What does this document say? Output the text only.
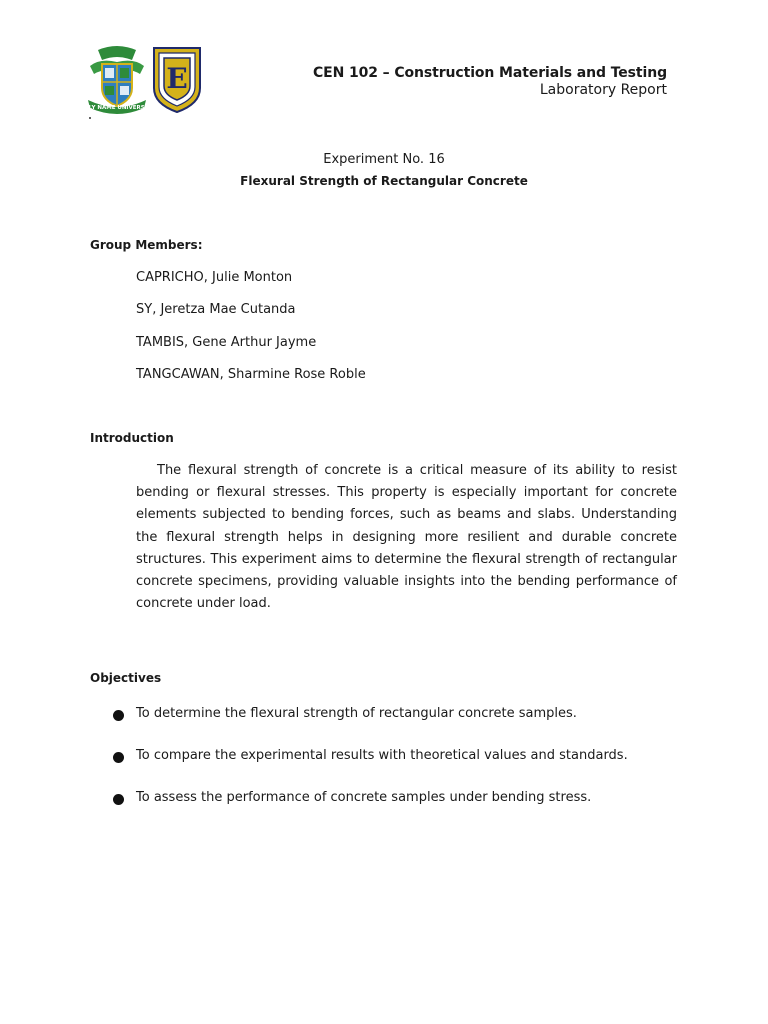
HOLY NAME UNIVERSITY
E	CEN 102 – Construction Materials and Testing
Laboratory Report
Experiment No. 16
Flexural Strength of Rectangular Concrete
Group Members:
CAPRICHO, Julie Monton
SY, Jeretza Mae Cutanda
TAMBIS, Gene Arthur Jayme
TANGCAWAN, Sharmine Rose Roble
Introduction

The flexural strength of concrete is a critical measure of its ability to resist bending or flexural stresses. This property is especially important for concrete elements subjected to bending forces, such as beams and slabs. Understanding the flexural strength helps in designing more resilient and durable concrete structures. This experiment aims to determine the flexural strength of rectangular concrete specimens, providing valuable insights into the bending performance of concrete under load.

Objectives
To determine the flexural strength of rectangular concrete samples.
To compare the experimental results with theoretical values and standards.
To assess the performance of concrete samples under bending stress.
